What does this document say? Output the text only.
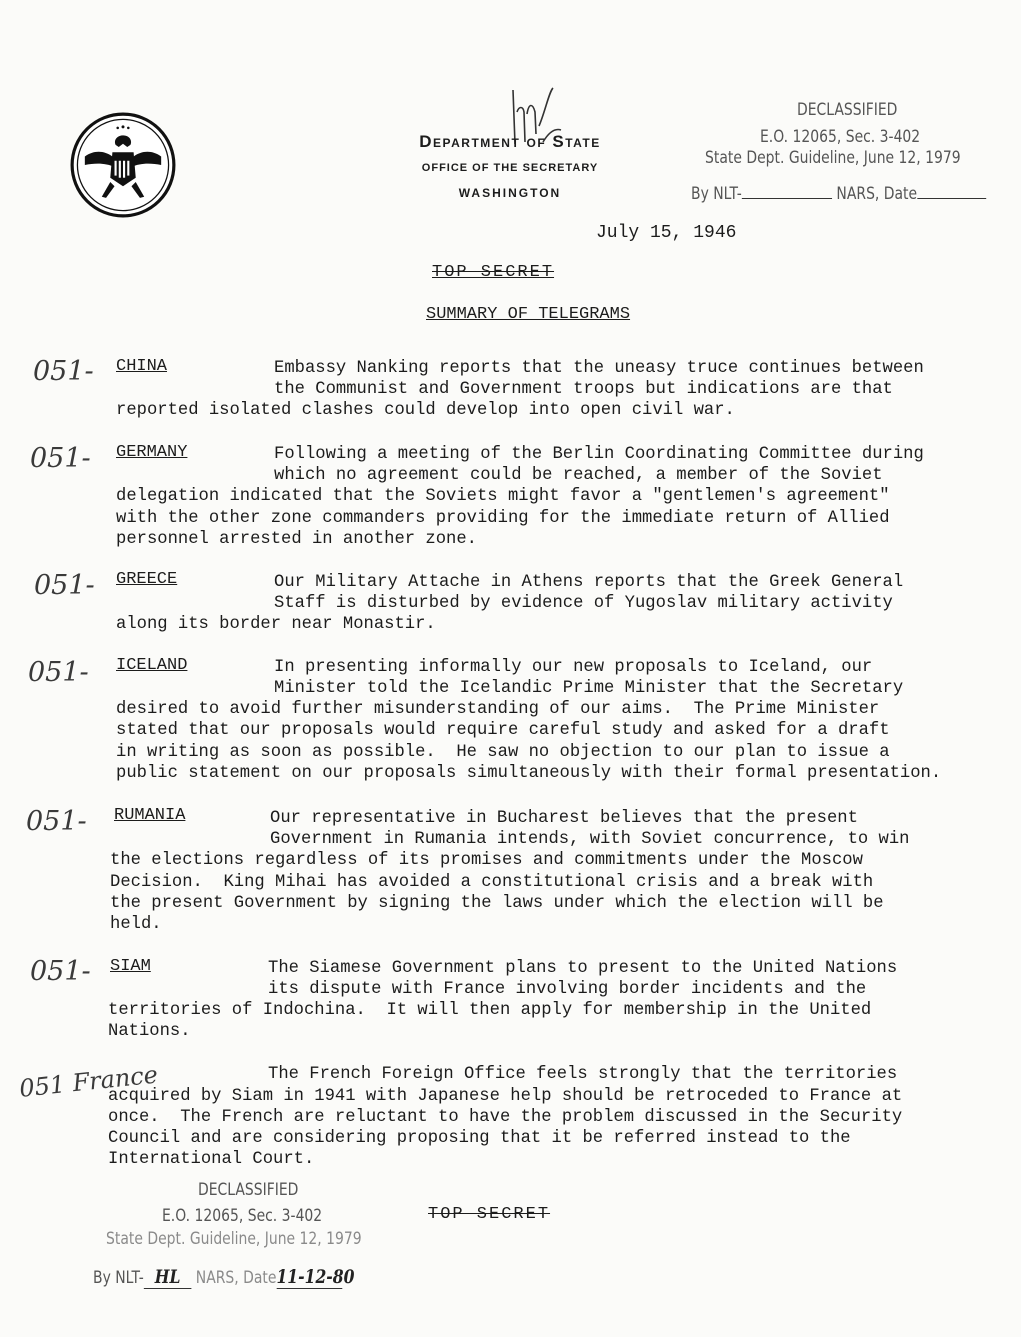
Department of State
OFFICE OF THE SECRETARY
WASHINGTON
DECLASSIFIED
E.O. 12065, Sec. 3-402
State Dept. Guideline, June 12, 1979
By NLT-	NARS, Date
July 15, 1946
TOP SECRET
SUMMARY OF TELEGRAMS
051- CHINA	Embassy Nanking reports that the uneasy truce continues between
the Communist and Government troops but indications are that
reported isolated clashes could develop into open civil war.
051- GERMANY	Following a meeting of the Berlin Coordinating Committee during
which no agreement could be reached, a member of the Soviet
delegation indicated that the Soviets might favor a "gentlemen's agreement"
with the other zone commanders providing for the immediate return of Allied
personnel arrested in another zone.
051- GREECE	Our Military Attache in Athens reports that the Greek General
Staff is disturbed by evidence of Yugoslav military activity
along its border near Monastir.
051- ICELAND	In presenting informally our new proposals to Iceland, our
Minister told the Icelandic Prime Minister that the Secretary
desired to avoid further misunderstanding of our aims.  The Prime Minister
stated that our proposals would require careful study and asked for a draft
in writing as soon as possible.  He saw no objection to our plan to issue a
public statement on our proposals simultaneously with their formal presentation.
051- RUMANIA	Our representative in Bucharest believes that the present
Government in Rumania intends, with Soviet concurrence, to win
the elections regardless of its promises and commitments under the Moscow
Decision.  King Mihai has avoided a constitutional crisis and a break with
the present Government by signing the laws under which the election will be
held.
051- SIAM	The Siamese Government plans to present to the United Nations
its dispute with France involving border incidents and the
territories of Indochina.  It will then apply for membership in the United
Nations.
051 France	The French Foreign Office feels strongly that the territories
acquired by Siam in 1941 with Japanese help should be retroceded to France at
once.  The French are reluctant to have the problem discussed in the Security
Council and are considering proposing that it be referred instead to the
International Court.
DECLASSIFIED
E.O. 12065, Sec. 3-402
State Dept. Guideline, June 12, 1979
By NLT- HL NARS, Date11-12-80
TOP SECRET
